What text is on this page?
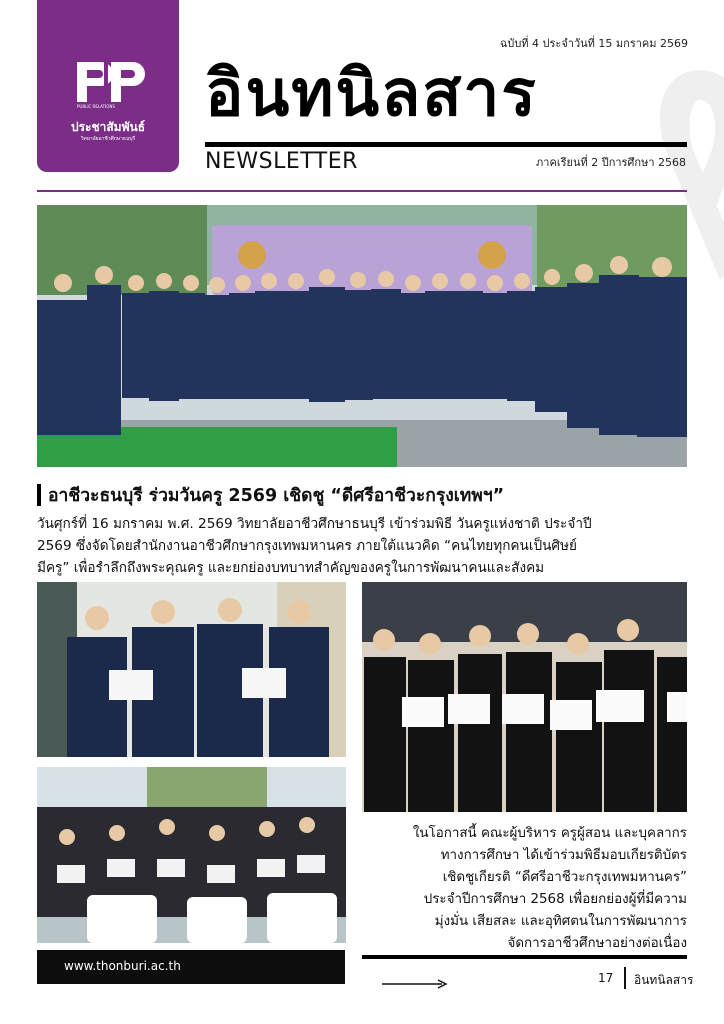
PUBLIC RELATIONS
ประชาสัมพันธ์
วิทยาลัยอาชีวศึกษาธนบุรี
ฉบับที่ 4 ประจำวันที่ 15 มกราคม 2569
อินทนิลสาร
NEWSLETTER	ภาคเรียนที่ 2 ปีการศึกษา 2568
อาชีวะธนบุรี ร่วมวันครู 2569 เชิดชู “ดีศรีอาชีวะกรุงเทพฯ”

วันศุกร์ที่ 16 มกราคม พ.ศ. 2569 วิทยาลัยอาชีวศึกษาธนบุรี เข้าร่วมพิธี วันครูแห่งชาติ ประจำปี

2569 ซึ่งจัดโดยสำนักงานอาชีวศึกษากรุงเทพมหานคร ภายใต้แนวคิด “คนไทยทุกคนเป็นศิษย์

มีครู” เพื่อรำลึกถึงพระคุณครู และยกย่องบทบาทสำคัญของครูในการพัฒนาคนและสังคม

ในโอกาสนี้ คณะผู้บริหาร ครูผู้สอน และบุคลากร

ทางการศึกษา ได้เข้าร่วมพิธีมอบเกียรติบัตร

เชิดชูเกียรติ “ดีศรีอาชีวะกรุงเทพมหานคร”

ประจำปีการศึกษา 2568 เพื่อยกย่องผู้ที่มีความ

มุ่งมั่น เสียสละ และอุทิศตนในการพัฒนาการ

จัดการอาชีวศึกษาอย่างต่อเนื่อง

www.thonburi.ac.th
17 อินทนิลสาร
